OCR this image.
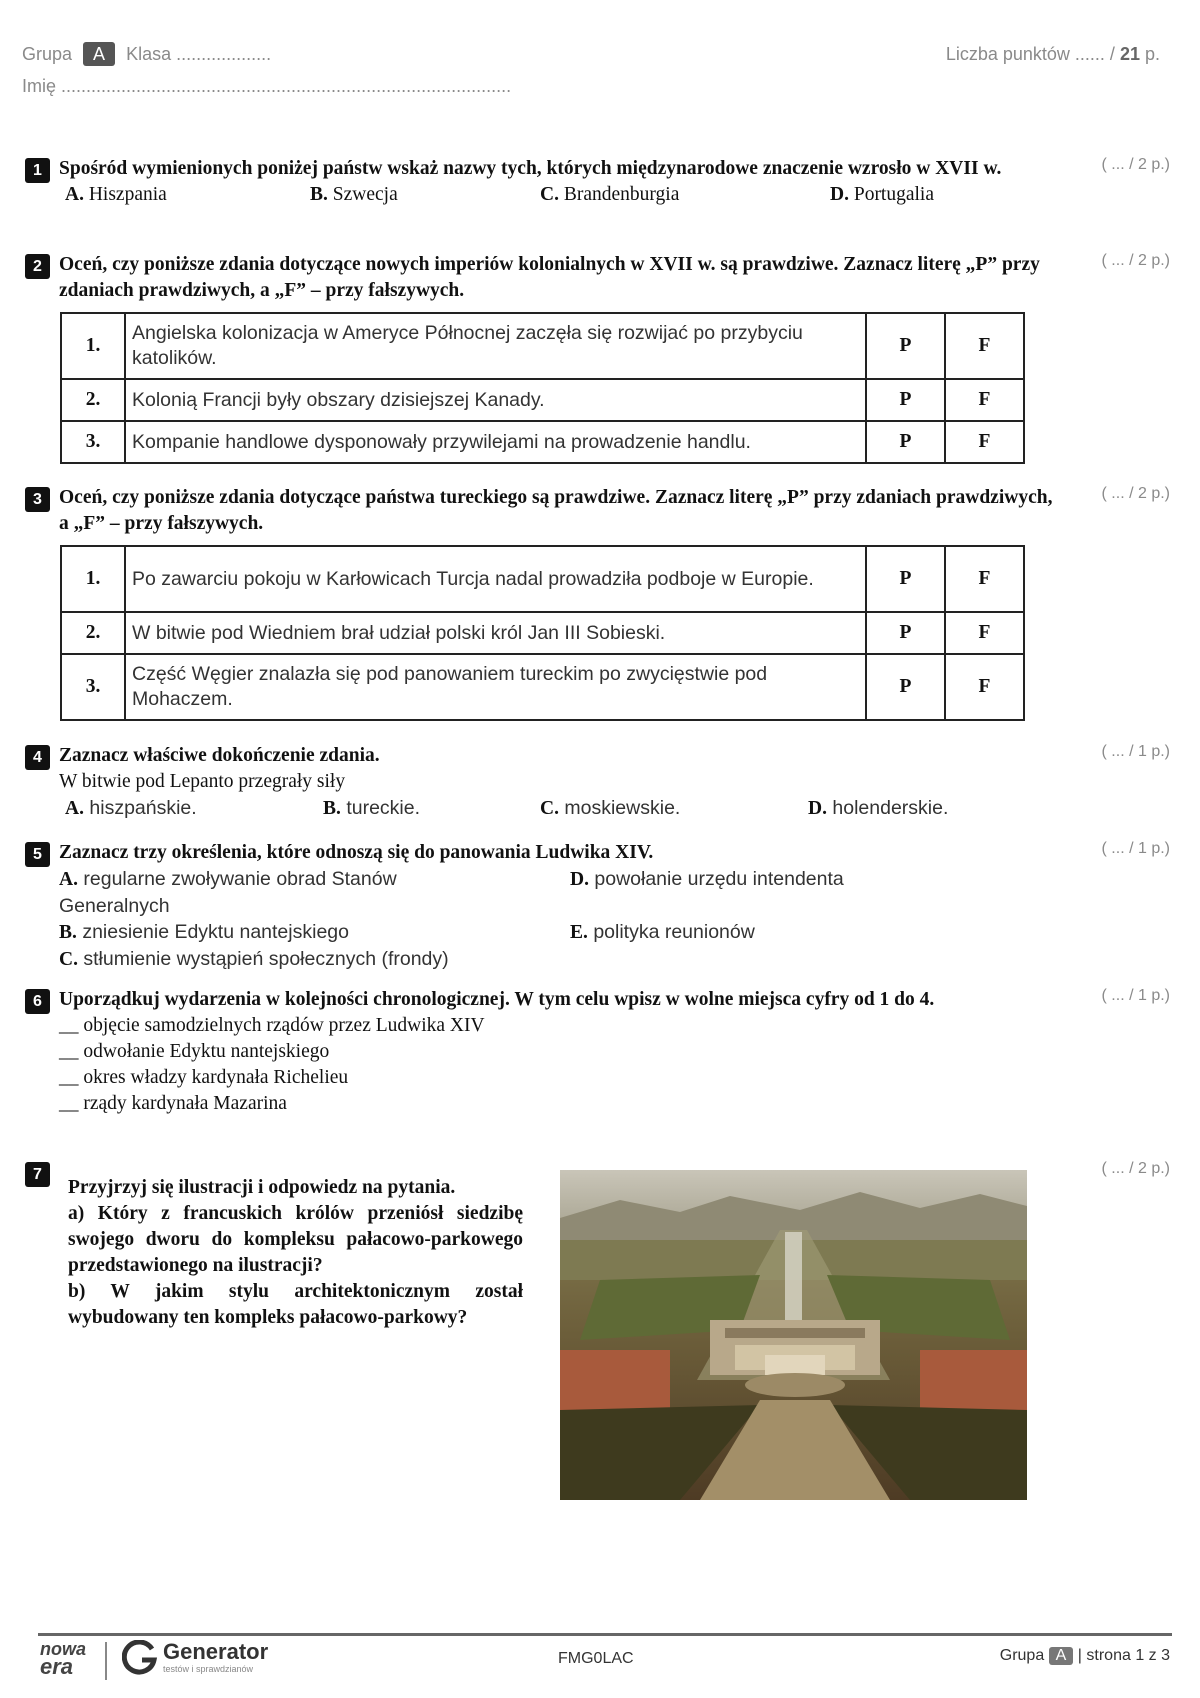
Grupa A Klasa ...................
Imię ..........................................................................................
Liczba punktów ...... / 21 p.
1 Spośród wymienionych poniżej państw wskaż nazwy tych, których międzynarodowe znaczenie wzrosło w XVII w.	( ... / 2 p.)
A. Hiszpania	B. Szwecja	C. Brandenburgia	D. Portugalia
2 Oceń, czy poniższe zdania dotyczące nowych imperiów kolonialnych w XVII w. są prawdziwe. Zaznacz literę „P” przy zdaniach prawdziwych, a „F” – przy fałszywych.
( ... / 2 p.)
1.	Angielska kolonizacja w Ameryce Północnej zaczęła się rozwijać po przybyciu katolików.	P	F
2.	Kolonią Francji były obszary dzisiejszej Kanady.	P	F
3.	Kompanie handlowe dysponowały przywilejami na prowadzenie handlu.	P	F
3 Oceń, czy poniższe zdania dotyczące państwa tureckiego są prawdziwe. Zaznacz literę „P” przy zdaniach prawdziwych, a „F” – przy fałszywych.
( ... / 2 p.)
1.	Po zawarciu pokoju w Karłowicach Turcja nadal prowadziła podboje w Europie.	P	F
2.	W bitwie pod Wiedniem brał udział polski król Jan III Sobieski.	P	F
3.	Część Węgier znalazła się pod panowaniem tureckim po zwycięstwie pod Mohaczem.	P	F
4 Zaznacz właściwe dokończenie zdania.	( ... / 1 p.)
W bitwie pod Lepanto przegrały siły
A. hiszpańskie.	B. tureckie.	C. moskiewskie.	D. holenderskie.
5 Zaznacz trzy określenia, które odnoszą się do panowania Ludwika XIV.	( ... / 1 p.)
A. regularne zwoływanie obrad Stanów Generalnych
B. zniesienie Edyktu nantejskiego
C. stłumienie wystąpień społecznych (frondy)
D. powołanie urzędu intendenta
E. polityka reunionów
6 Uporządkuj wydarzenia w kolejności chronologicznej. W tym celu wpisz w wolne miejsca cyfry od 1 do 4.	( ... / 1 p.)
__ objęcie samodzielnych rządów przez Ludwika XIV
__ odwołanie Edyktu nantejskiego
__ okres władzy kardynała Richelieu
__ rządy kardynała Mazarina
7	( ... / 2 p.)
Przyjrzyj się ilustracji i odpowiedz na pytania.
a) Który z francuskich królów przeniósł siedzibę swojego dworu do kompleksu pałacowo-parkowego przedstawionego na ilustracji?
b) W jakim stylu architektonicznym został wybudowany ten kompleks pałacowo-parkowy?
nowa
era
Generator
testów i sprawdzianów
FMG0LAC	Grupa A | strona 1 z 3
